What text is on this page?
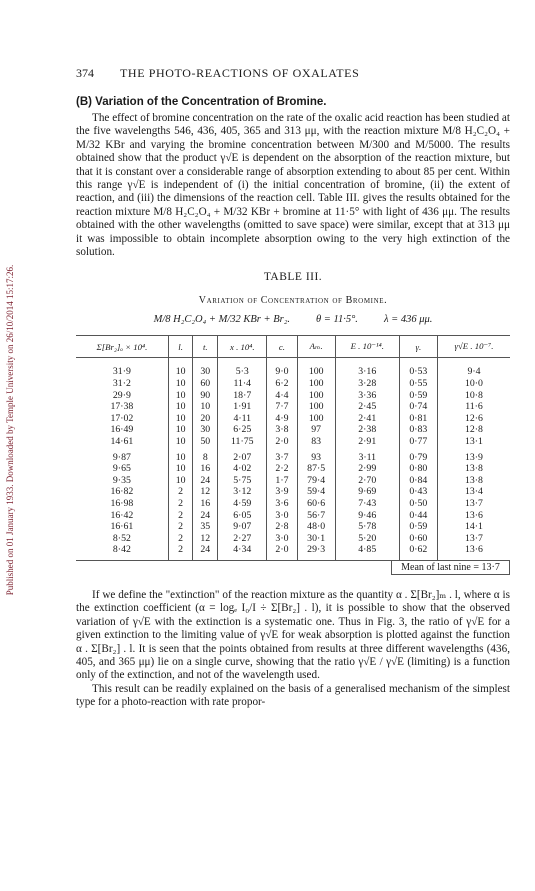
Published on 01 January 1933. Downloaded by Temple University on 26/10/2014 15:17:26.
374	THE PHOTO-REACTIONS OF OXALATES
(B) Variation of the Concentration of Bromine.

The effect of bromine concentration on the rate of the oxalic acid reaction has been studied at the five wavelengths 546, 436, 405, 365 and 313 μμ, with the reaction mixture M/8 H₂C₂O₄ + M/32 KBr and varying the bromine concentration between M/300 and M/5000. The results obtained show that the product γ√E is dependent on the absorption of the reaction mixture, but that it is constant over a considerable range of absorption extending to about 85 per cent. Within this range γ√E is independent of (i) the initial concentration of bromine, (ii) the extent of reaction, and (iii) the dimensions of the reaction cell. Table III. gives the results obtained for the reaction mixture M/8 H₂C₂O₄ + M/32 KBr + bromine at 11·5° with light of 436 μμ. The results obtained with the other wavelengths (omitted to save space) were similar, except that at 313 μμ it was impossible to obtain incomplete absorption owing to the very high extinction of the solution.

TABLE III.
Variation of Concentration of Bromine.
M/8 H₂C₂O₄ + M/32 KBr + Br₂. θ = 11·5°. λ = 436 μμ.
Σ[Br₂]ₒ × 10⁴.	l.	t.	x . 10⁴.	c.	Aₘ.	E . 10⁻¹⁴.	γ.	γ√E . 10⁻⁷.
31·9	10	30	5·3	9·0	100	3·16	0·53	9·4
31·2	10	60	11·4	6·2	100	3·28	0·55	10·0
29·9	10	90	18·7	4·4	100	3·36	0·59	10·8
17·38	10	10	1·91	7·7	100	2·45	0·74	11·6
17·02	10	20	4·11	4·9	100	2·41	0·81	12·6
16·49	10	30	6·25	3·8	97	2·38	0·83	12·8
14·61	10	50	11·75	2·0	83	2·91	0·77	13·1
9·87	10	8	2·07	3·7	93	3·11	0·79	13·9
9·65	10	16	4·02	2·2	87·5	2·99	0·80	13·8
9·35	10	24	5·75	1·7	79·4	2·70	0·84	13·8
16·82	2	12	3·12	3·9	59·4	9·69	0·43	13·4
16·98	2	16	4·59	3·6	60·6	7·43	0·50	13·7
16·42	2	24	6·05	3·0	56·7	9·46	0·44	13·6
16·61	2	35	9·07	2·8	48·0	5·78	0·59	14·1
8·52	2	12	2·27	3·0	30·1	5·20	0·60	13·7
8·42	2	24	4·34	2·0	29·3	4·85	0·62	13·6
Mean of last nine = 13·7

If we define the "extinction" of the reaction mixture as the quantity α . Σ[Br₂]ₘ . l, where α is the extinction coefficient (α = logₑ I₀/I ÷ Σ[Br₂] . l), it is possible to show that the observed variation of γ√E with the extinction is a systematic one. Thus in Fig. 3, the ratio of γ√E for a given extinction to the limiting value of γ√E for weak absorption is plotted against the function α . Σ[Br₂] . l. It is seen that the points obtained from results at three different wavelengths (436, 405, and 365 μμ) lie on a single curve, showing that the ratio γ√E / γ√E (limiting) is a function only of the extinction, and not of the wavelength used.

This result can be readily explained on the basis of a generalised mechanism of the simplest type for a photo-reaction with rate propor-
